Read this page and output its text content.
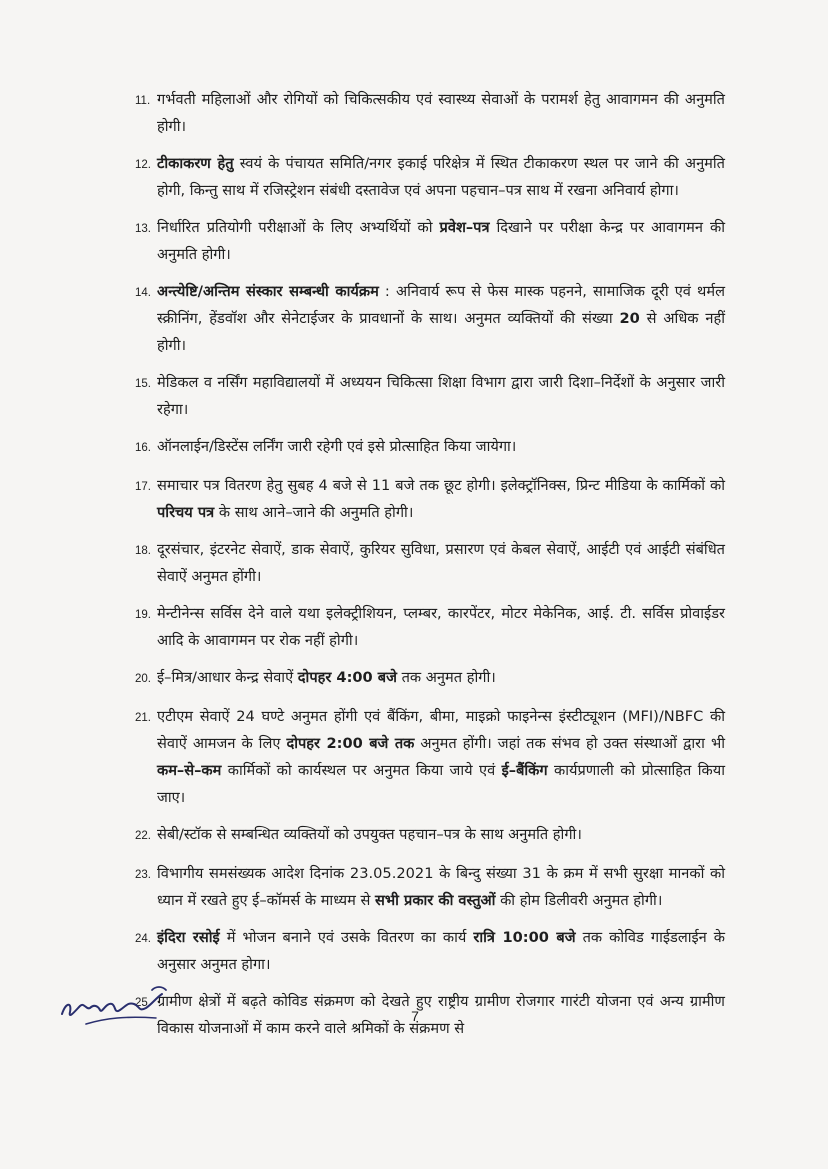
11. गर्भवती महिलाओं और रोगियों को चिकित्सकीय एवं स्वास्थ्य सेवाओं के परामर्श हेतु आवागमन की अनुमति होगी।
12. टीकाकरण हेतु स्वयं के पंचायत समिति/नगर इकाई परिक्षेत्र में स्थित टीकाकरण स्थल पर जाने की अनुमति होगी, किन्तु साथ में रजिस्ट्रेशन संबंधी दस्तावेज एवं अपना पहचान–पत्र साथ में रखना अनिवार्य होगा।
13. निर्धारित प्रतियोगी परीक्षाओं के लिए अभ्यर्थियों को प्रवेश–पत्र दिखाने पर परीक्षा केन्द्र पर आवागमन की अनुमति होगी।
14. अन्त्येष्टि/अन्तिम संस्कार सम्बन्धी कार्यक्रम : अनिवार्य रूप से फेस मास्क पहनने, सामाजिक दूरी एवं थर्मल स्क्रीनिंग, हेंडवॉश और सेनेटाईजर के प्रावधानों के साथ। अनुमत व्यक्तियों की संख्या 20 से अधिक नहीं होगी।
15. मेडिकल व नर्सिंग महाविद्यालयों में अध्ययन चिकित्सा शिक्षा विभाग द्वारा जारी दिशा–निर्देशों के अनुसार जारी रहेगा।
16. ऑनलाईन/डिस्टेंस लर्निंग जारी रहेगी एवं इसे प्रोत्साहित किया जायेगा।
17. समाचार पत्र वितरण हेतु सुबह 4 बजे से 11 बजे तक छूट होगी। इलेक्ट्रॉनिक्स, प्रिन्ट मीडिया के कार्मिकों को परिचय पत्र के साथ आने–जाने की अनुमति होगी।
18. दूरसंचार, इंटरनेट सेवाऐं, डाक सेवाऐं, कुरियर सुविधा, प्रसारण एवं केबल सेवाऐं, आईटी एवं आईटी संबंधित सेवाऐं अनुमत होंगी।
19. मेन्टीनेन्स सर्विस देने वाले यथा इलेक्ट्रीशियन, प्लम्बर, कारपेंटर, मोटर मेकेनिक, आई. टी. सर्विस प्रोवाईडर आदि के आवागमन पर रोक नहीं होगी।
20. ई–मित्र/आधार केन्द्र सेवाऐं दोपहर 4:00 बजे तक अनुमत होगी।
21. एटीएम सेवाऐं 24 घण्टे अनुमत होंगी एवं बैंकिंग, बीमा, माइक्रो फाइनेन्स इंस्टीट्यूशन (MFI)/NBFC की सेवाऐं आमजन के लिए दोपहर 2:00 बजे तक अनुमत होंगी। जहां तक संभव हो उक्त संस्थाओं द्वारा भी कम–से–कम कार्मिकों को कार्यस्थल पर अनुमत किया जाये एवं ई–बैंकिंग कार्यप्रणाली को प्रोत्साहित किया जाए।
22. सेबी/स्टॉक से सम्बन्धित व्यक्तियों को उपयुक्त पहचान–पत्र के साथ अनुमति होगी।
23. विभागीय समसंख्यक आदेश दिनांक 23.05.2021 के बिन्दु संख्या 31 के क्रम में सभी सुरक्षा मानकों को ध्यान में रखते हुए ई–कॉमर्स के माध्यम से सभी प्रकार की वस्तुओं की होम डिलीवरी अनुमत होगी।
24. इंदिरा रसोई में भोजन बनाने एवं उसके वितरण का कार्य रात्रि 10:00 बजे तक कोविड गाईडलाईन के अनुसार अनुमत होगा।
25. ग्रामीण क्षेत्रों में बढ़ते कोविड संक्रमण को देखते हुए राष्ट्रीय ग्रामीण रोजगार गारंटी योजना एवं अन्य ग्रामीण विकास योजनाओं में काम करने वाले श्रमिकों के संक्रमण से
7
